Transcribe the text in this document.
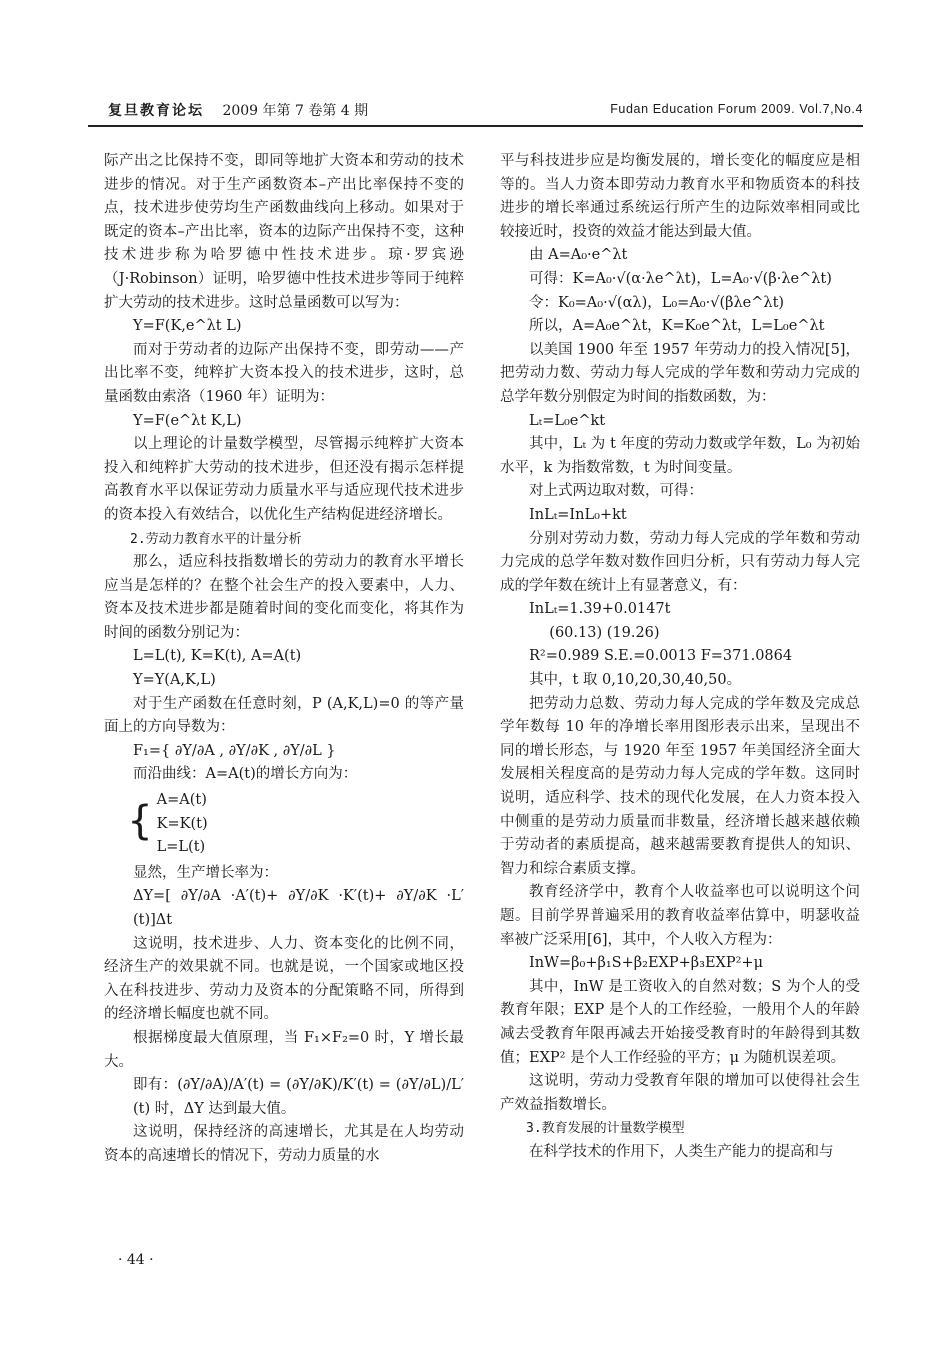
复旦教育论坛 2009 年第 7 卷第 4 期	Fudan Education Forum 2009. Vol.7,No.4

际产出之比保持不变，即同等地扩大资本和劳动的技术进步的情况。对于生产函数资本–产出比率保持不变的点，技术进步使劳均生产函数曲线向上移动。如果对于既定的资本–产出比率，资本的边际产出保持不变，这种技术进步称为哈罗德中性技术进步。琼·罗宾逊（J·Robinson）证明，哈罗德中性技术进步等同于纯粹扩大劳动的技术进步。这时总量函数可以写为：

Y=F(K,e^λt L)

而对于劳动者的边际产出保持不变，即劳动——产出比率不变，纯粹扩大资本投入的技术进步，这时，总量函数由索洛（1960 年）证明为：

Y=F(e^λt K,L)

以上理论的计量数学模型，尽管揭示纯粹扩大资本投入和纯粹扩大劳动的技术进步，但还没有揭示怎样提高教育水平以保证劳动力质量水平与适应现代技术进步的资本投入有效结合，以优化生产结构促进经济增长。

2.劳动力教育水平的计量分析

那么，适应科技指数增长的劳动力的教育水平增长应当是怎样的？在整个社会生产的投入要素中，人力、资本及技术进步都是随着时间的变化而变化，将其作为时间的函数分别记为：

L=L(t), K=K(t), A=A(t)

Y=Y(A,K,L)

对于生产函数在任意时刻，P (A,K,L)=0 的等产量面上的方向导数为：

F₁={ ∂Y/∂A , ∂Y/∂K , ∂Y/∂L }

而沿曲线：A=A(t)的增长方向为：

{ A=A(t)

K=K(t)

L=L(t)

显然，生产增长率为：

ΔY=[ ∂Y/∂A ·A′(t)+ ∂Y/∂K ·K′(t)+ ∂Y/∂K ·L′(t)]Δt

这说明，技术进步、人力、资本变化的比例不同，经济生产的效果就不同。也就是说，一个国家或地区投入在科技进步、劳动力及资本的分配策略不同，所得到的经济增长幅度也就不同。

根据梯度最大值原理，当 F₁×F₂=0 时，Y 增长最大。

即有：(∂Y/∂A)/A′(t) = (∂Y/∂K)/K′(t) = (∂Y/∂L)/L′(t) 时，ΔY 达到最大值。

这说明，保持经济的高速增长，尤其是在人均劳动资本的高速增长的情况下，劳动力质量的水

平与科技进步应是均衡发展的，增长变化的幅度应是相等的。当人力资本即劳动力教育水平和物质资本的科技进步的增长率通过系统运行所产生的边际效率相同或比较接近时，投资的效益才能达到最大值。

由 A=A₀·e^λt

可得：K=A₀·√(α·λe^λt)，L=A₀·√(β·λe^λt)

令：K₀=A₀·√(αλ)，L₀=A₀·√(βλe^λt)

所以，A=A₀e^λt，K=K₀e^λt，L=L₀e^λt

以美国 1900 年至 1957 年劳动力的投入情况[5]，把劳动力数、劳动力每人完成的学年数和劳动力完成的总学年数分别假定为时间的指数函数，为：

Lₜ=L₀e^kt

其中，Lₜ 为 t 年度的劳动力数或学年数，L₀ 为初始水平，k 为指数常数，t 为时间变量。

对上式两边取对数，可得：

InLₜ=InL₀+kt

分别对劳动力数，劳动力每人完成的学年数和劳动力完成的总学年数对数作回归分析，只有劳动力每人完成的学年数在统计上有显著意义，有：

InLₜ=1.39+0.0147t

(60.13) (19.26)

R²=0.989 S.E.=0.0013 F=371.0864

其中，t 取 0,10,20,30,40,50。

把劳动力总数、劳动力每人完成的学年数及完成总学年数每 10 年的净增长率用图形表示出来，呈现出不同的增长形态，与 1920 年至 1957 年美国经济全面大发展相关程度高的是劳动力每人完成的学年数。这同时说明，适应科学、技术的现代化发展，在人力资本投入中侧重的是劳动力质量而非数量，经济增长越来越依赖于劳动者的素质提高，越来越需要教育提供人的知识、智力和综合素质支撑。

教育经济学中，教育个人收益率也可以说明这个问题。目前学界普遍采用的教育收益率估算中，明瑟收益率被广泛采用[6]，其中，个人收入方程为：

InW=β₀+β₁S+β₂EXP+β₃EXP²+μ

其中，InW 是工资收入的自然对数；S 为个人的受教育年限；EXP 是个人的工作经验，一般用个人的年龄减去受教育年限再减去开始接受教育时的年龄得到其数值；EXP² 是个人工作经验的平方；μ 为随机误差项。

这说明，劳动力受教育年限的增加可以使得社会生产效益指数增长。

3.教育发展的计量数学模型

在科学技术的作用下，人类生产能力的提高和与

· 44 ·
